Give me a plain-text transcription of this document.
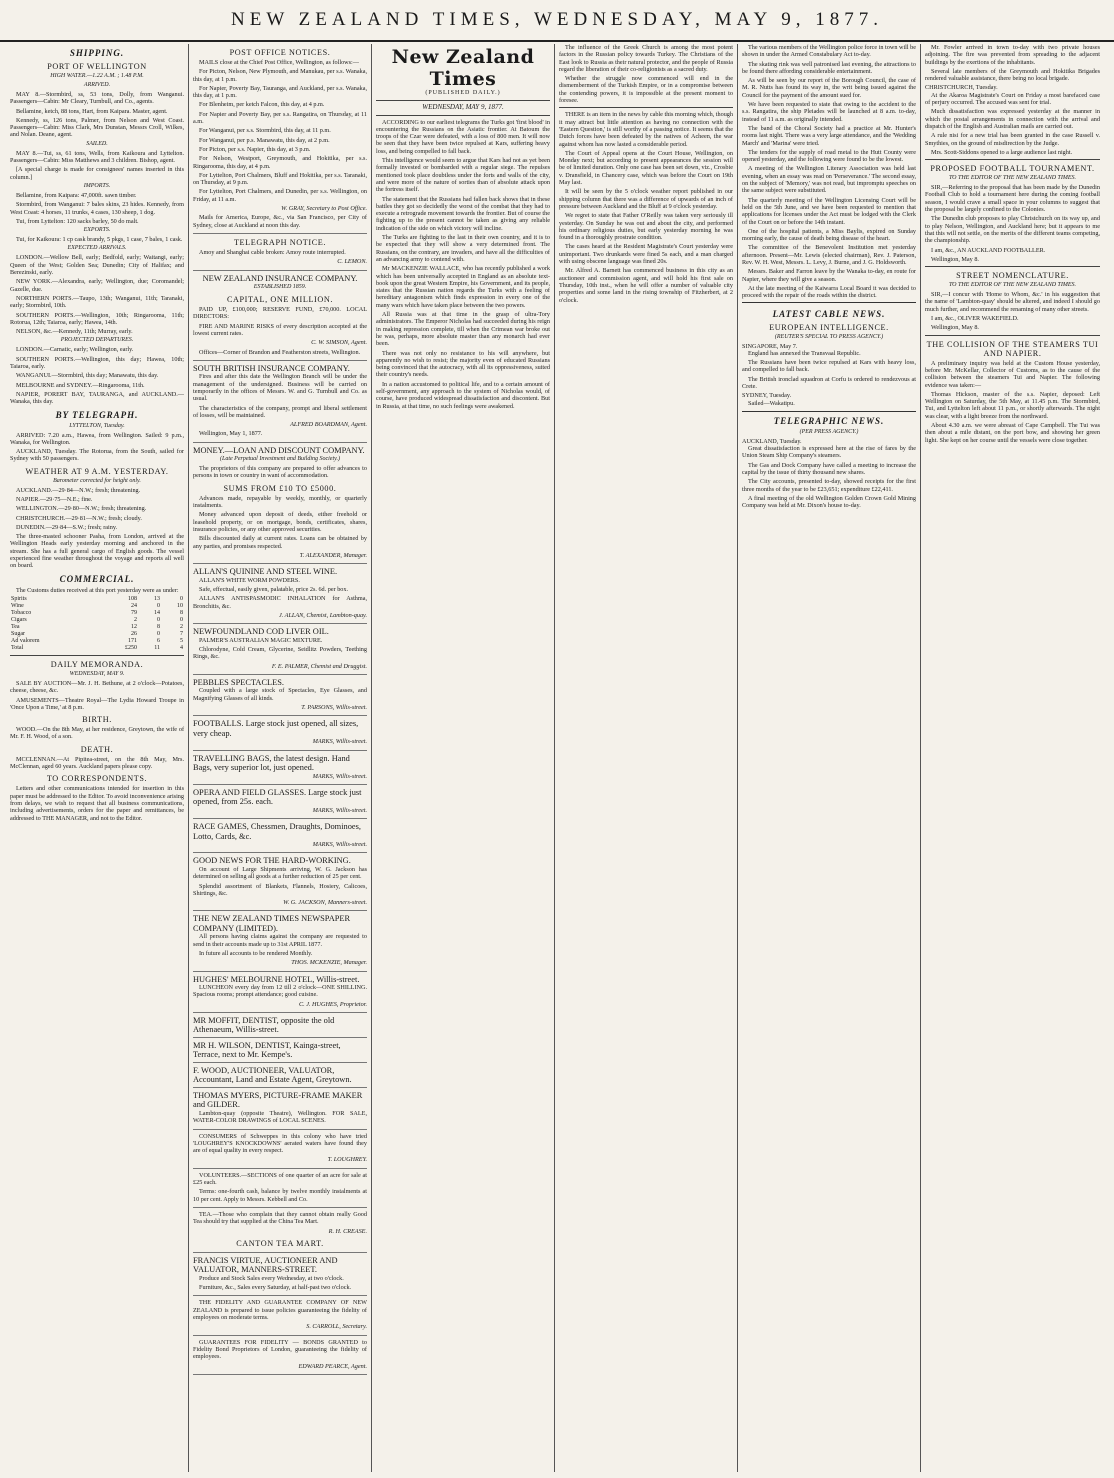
NEW ZEALAND TIMES, WEDNESDAY, MAY 9, 1877.
SHIPPING.
PORT OF WELLINGTON
HIGH WATER.—1.22 A.M. ; 1.48 P.M.
ARRIVED.

MAY 8.—Stormbird, ss, 53 tons, Dolly, from Wanganui. Passengers—Cabin: Mr Cleary, Turnbull, and Co., agents.

Bellamine, ketch, 88 tons, Hart, from Kaipara. Master, agent.

Kennedy, ss, 126 tons, Palmer, from Nelson and West Coast. Passengers—Cabin: Miss Clark, Mrs Dunstan, Messrs Croll, Wilkes, and Nolan. Deane, agent.

SAILED.

MAY 8.—Tui, ss, 61 tons, Wells, from Kaikoura and Lyttelton. Passengers—Cabin: Miss Matthews and 3 children. Bishop, agent.

[A special charge is made for consignees' names inserted in this column.]

IMPORTS.

Bellamine, from Kaipara: 47,000ft. sawn timber.

Stormbird, from Wanganui: 7 bales skins, 23 hides. Kennedy, from West Coast: 4 horses, 11 trunks, 4 cases, 130 sheep, 1 dog.

Tui, from Lyttelton: 120 sacks barley, 50 do malt.

EXPORTS.

Tui, for Kaikoura: 1 cp cask brandy, 5 pkgs, 1 case, 7 bales, 1 cask.

EXPECTED ARRIVALS.

LONDON.—Wellow Bell, early; Bedfold, early; Waitangi, early; Queen of the West; Golden Sea; Dunedin; City of Halifax; and Berezinski, early.

NEW YORK.—Alexandra, early; Wellington, due; Coromandel; Gazelle, due.

NORTHERN PORTS.—Taupo, 13th; Wanganui, 11th; Taranaki, early; Stormbird, 10th.

SOUTHERN PORTS.—Wellington, 10th; Ringarooma, 11th; Rotorua, 12th; Taiaroa, early; Hawea, 14th.

NELSON, &c.—Kennedy, 11th; Murray, early.

PROJECTED DEPARTURES.

LONDON.—Carnatic, early; Wellington, early.

SOUTHERN PORTS.—Wellington, this day; Hawea, 10th; Taiaroa, early.

WANGANUI.—Stormbird, this day; Manawatu, this day.

MELBOURNE and SYDNEY.—Ringarooma, 11th.

NAPIER, PORERT BAY, TAURANGA, and AUCKLAND.—Wanaka, this day.

BY TELEGRAPH.
LYTTELTON, Tuesday.

ARRIVED: 7.20 a.m., Hawea, from Wellington. Sailed: 9 p.m., Wanaka, for Wellington.

AUCKLAND, Tuesday. The Rotorua, from the South, sailed for Sydney with 50 passengers.

WEATHER AT 9 A.M. YESTERDAY.
Barometer corrected for height only.

AUCKLAND.—29·84—N.W.; fresh; threatening.

NAPIER.—29·75—N.E.; fine.

WELLINGTON.—29·80—N.W.; fresh; threatening.

CHRISTCHURCH.—29·81—N.W.; fresh; cloudy.

DUNEDIN.—29·84—S.W.; fresh; rainy.

The three-masted schooner Pasha, from London, arrived at the Wellington Heads early yesterday morning and anchored in the stream. She has a full general cargo of English goods. The vessel experienced fine weather throughout the voyage and reports all well on board.

COMMERCIAL.

The Customs duties received at this port yesterday were as under:

Spirits	108	13	0
Wine	24	0	10
Tobacco	79	14	8
Cigars	2	0	0
Tea	12	8	2
Sugar	26	0	7
Ad valorem	171	6	5
Total	£250	11	4
DAILY MEMORANDA.
WEDNESDAY, MAY 9.

SALE BY AUCTION—Mr. J. H. Bethune, at 2 o'clock—Potatoes, cheese, cheese, &c.

AMUSEMENTS—Theatre Royal—The Lydia Howard Troupe in 'Once Upon a Time,' at 8 p.m.

BIRTH.

WOOD.—On the 8th May, at her residence, Greytown, the wife of Mr. F. H. Wood, of a son.

DEATH.

MCCLENNAN.—At Pipitea-street, on the 8th May, Mrs. McClennan, aged 60 years. Auckland papers please copy.

TO CORRESPONDENTS.

Letters and other communications intended for insertion in this paper must be addressed to the Editor. To avoid inconvenience arising from delays, we wish to request that all business communications, including advertisements, orders for the paper and remittances, be addressed to THE MANAGER, and not to the Editor.

POST OFFICE NOTICES.

MAILS close at the Chief Post Office, Wellington, as follows:—

For Picton, Nelson, New Plymouth, and Manukau, per s.s. Wanaka, this day, at 1 p.m.

For Napier, Poverty Bay, Tauranga, and Auckland, per s.s. Wanaka, this day, at 1 p.m.

For Blenheim, per ketch Falcon, this day, at 4 p.m.

For Napier and Poverty Bay, per s.s. Rangatira, on Thursday, at 11 a.m.

For Wanganui, per s.s. Stormbird, this day, at 11 p.m.

For Wanganui, per p.s. Manawatu, this day, at 2 p.m.

For Picton, per s.s. Napier, this day, at 3 p.m.

For Nelson, Westport, Greymouth, and Hokitika, per s.s. Ringarooma, this day, at 4 p.m.

For Lyttelton, Port Chalmers, Bluff and Hokitika, per s.s. Taranaki, on Thursday, at 9 p.m.

For Lyttelton, Port Chalmers, and Dunedin, per s.s. Wellington, on Friday, at 11 a.m.

W. GRAY, Secretary to Post Office.

Mails for America, Europe, &c., via San Francisco, per City of Sydney, close at Auckland at noon this day.

TELEGRAPH NOTICE.

Amoy and Shanghai cable broken: Amoy route interrupted.

C. LEMON.

NEW ZEALAND INSURANCE COMPANY.
ESTABLISHED 1859.
CAPITAL, ONE MILLION.

PAID UP, £100,000; RESERVE FUND, £70,000. LOCAL DIRECTORS:

FIRE AND MARINE RISKS of every description accepted at the lowest current rates.

C. W. SIMSON, Agent.

Offices—Corner of Brandon and Featherston streets, Wellington.

SOUTH BRITISH INSURANCE COMPANY.

Fires and after this date the Wellington Branch will be under the management of the undersigned. Business will be carried on temporarily in the offices of Messrs. W. and G. Turnbull and Co. as usual.

The characteristics of the company, prompt and liberal settlement of losses, will be maintained.

ALFRED BOARDMAN, Agent.

Wellington, May 1, 1877.

MONEY.—LOAN AND DISCOUNT COMPANY.
(Late Perpetual Investment and Building Society.)

The proprietors of this company are prepared to offer advances to persons in town or country in want of accommodation.

SUMS FROM £10 TO £5000.

Advances made, repayable by weekly, monthly, or quarterly instalments.

Money advanced upon deposit of deeds, either freehold or leasehold property, or on mortgage, bonds, certificates, shares, insurance policies, or any other approved securities.

Bills discounted daily at current rates. Loans can be obtained by any parties, and promises respected.

T. ALEXANDER, Manager.

ALLAN'S QUININE AND STEEL WINE.

ALLAN'S WHITE WORM POWDERS.

Safe, effectual, easily given, palatable, price 2s. 6d. per box.

ALLAN'S ANTISPASMODIC INHALATION for Asthma, Bronchitis, &c.

J. ALLAN, Chemist, Lambton-quay.

NEWFOUNDLAND COD LIVER OIL.

PALMER'S AUSTRALIAN MAGIC MIXTURE.

Chlorodyne, Cold Cream, Glycerine, Seidlitz Powders, Teething Rings, &c.

F. E. PALMER, Chemist and Druggist.

PEBBLES SPECTACLES.

Coupled with a large stock of Spectacles, Eye Glasses, and Magnifying Glasses of all kinds.

T. PARSONS, Willis-street.

FOOTBALLS. Large stock just opened, all sizes, very cheap.

MARKS, Willis-street.

TRAVELLING BAGS, the latest design. Hand Bags, very superior lot, just opened.

MARKS, Willis-street.

OPERA AND FIELD GLASSES. Large stock just opened, from 25s. each.

MARKS, Willis-street.

RACE GAMES, Chessmen, Draughts, Dominoes, Lotto, Cards, &c.

MARKS, Willis-street.

GOOD NEWS FOR THE HARD-WORKING.

On account of Large Shipments arriving, W. G. Jackson has determined on selling all goods at a further reduction of 25 per cent.

Splendid assortment of Blankets, Flannels, Hosiery, Calicoes, Shirtings, &c.

W. G. JACKSON, Manners-street.

THE NEW ZEALAND TIMES NEWSPAPER COMPANY (LIMITED).

All persons having claims against the company are requested to send in their accounts made up to 31st APRIL 1877.

In future all accounts to be rendered Monthly.

THOS. MCKENZIE, Manager.

HUGHES' MELBOURNE HOTEL, Willis-street.

LUNCHEON every day from 12 till 2 o'clock—ONE SHILLING. Spacious rooms; prompt attendance; good cuisine.

C. J. HUGHES, Proprietor.

MR MOFFIT, DENTIST, opposite the old Athenaeum, Willis-street.
MR H. WILSON, DENTIST, Kainga-street, Terrace, next to Mr. Kempe's.
F. WOOD, AUCTIONEER, VALUATOR, Accountant, Land and Estate Agent, Greytown.
THOMAS MYERS, PICTURE-FRAME MAKER and GILDER.

Lambton-quay (opposite Theatre), Wellington. FOR SALE, WATER-COLOR DRAWINGS of LOCAL SCENES.

CONSUMERS of Schweppes in this colony who have tried 'LOUGHREY'S KNOCKDOWNS' aerated waters have found they are of equal quality in every respect.

T. LOUGHREY.

VOLUNTEERS.—SECTIONS of one quarter of an acre for sale at £25 each.

Terms: one-fourth cash, balance by twelve monthly instalments at 10 per cent. Apply to Messrs. Kebbell and Co.

TEA.—Those who complain that they cannot obtain really Good Tea should try that supplied at the China Tea Mart.

R. H. CREASE.

CANTON TEA MART.
FRANCIS VIRTUE, AUCTIONEER AND VALUATOR, MANNERS-STREET.

Produce and Stock Sales every Wednesday, at two o'clock.

Furniture, &c., Sales every Saturday, at half-past two o'clock.

THE FIDELITY AND GUARANTEE COMPANY OF NEW ZEALAND is prepared to issue policies guaranteeing the fidelity of employees on moderate terms.

S. CARROLL, Secretary.

GUARANTEES FOR FIDELITY — BONDS GRANTED to Fidelity Bond Proprietors of London, guaranteeing the fidelity of employees.

EDWARD PEARCE, Agent.

New Zealand Times
(PUBLISHED DAILY.)
WEDNESDAY, MAY 9, 1877.

ACCORDING to our earliest telegrams the Turks got 'first blood' in encountering the Russians on the Asiatic frontier. At Batoum the troops of the Czar were defeated, with a loss of 800 men. It will now be seen that they have been twice repulsed at Kars, suffering heavy loss, and being compelled to fall back.

This intelligence would seem to argue that Kars had not as yet been formally invested or bombarded with a regular siege. The repulses mentioned took place doubtless under the forts and walls of the city, and were more of the nature of sorties than of absolute attack upon the fortress itself.

The statement that the Russians had fallen back shows that in these battles they got so decidedly the worst of the combat that they had to execute a retrograde movement towards the frontier. But of course the fighting up to the present cannot be taken as giving any reliable indication of the side on which victory will incline.

The Turks are fighting to the last in their own country, and it is to be expected that they will show a very determined front. The Russians, on the contrary, are invaders, and have all the difficulties of an advancing army to contend with.

Mr MACKENZIE WALLACE, who has recently published a work which has been universally accepted in England as an absolute text-book upon the great Western Empire, his Government, and its people, states that the Russian nation regards the Turks with a feeling of hereditary antagonism which finds expression in every one of the many wars which have taken place between the two powers.

All Russia was at that time in the grasp of ultra-Tory administrators. The Emperor Nicholas had succeeded during his reign in making repression complete, till when the Crimean war broke out he was, perhaps, more absolute master than any monarch had ever been.

There was not only no resistance to his will anywhere, but apparently no wish to resist; the majority even of educated Russians being convinced that the autocracy, with all its oppressiveness, suited their country's needs.

In a nation accustomed to political life, and to a certain amount of self-government, any approach to the system of Nicholas would, of course, have produced widespread dissatisfaction and discontent. But in Russia, at that time, no such feelings were awakened.

The influence of the Greek Church is among the most potent factors in the Russian policy towards Turkey. The Christians of the East look to Russia as their natural protector, and the people of Russia regard the liberation of their co-religionists as a sacred duty.

Whether the struggle now commenced will end in the dismemberment of the Turkish Empire, or in a compromise between the contending powers, it is impossible at the present moment to foresee.

THERE is an item in the news by cable this morning which, though it may attract but little attention as having no connection with the 'Eastern Question,' is still worthy of a passing notice. It seems that the Dutch forces have been defeated by the natives of Acheen, the war against whom has now lasted a considerable period.

The Court of Appeal opens at the Court House, Wellington, on Monday next; but according to present appearances the session will be of limited duration. Only one case has been set down, viz., Crosbie v. Dransfield, in Chancery case, which was before the Court on 19th May last.

It will be seen by the 5 o'clock weather report published in our shipping column that there was a difference of upwards of an inch of pressure between Auckland and the Bluff at 9 o'clock yesterday.

We regret to state that Father O'Reilly was taken very seriously ill yesterday. On Sunday he was out and about the city, and performed his ordinary religious duties, but early yesterday morning he was found in a thoroughly prostrate condition.

The cases heard at the Resident Magistrate's Court yesterday were unimportant. Two drunkards were fined 5s each, and a man charged with using obscene language was fined 20s.

Mr. Alfred A. Barnett has commenced business in this city as an auctioneer and commission agent, and will hold his first sale on Thursday, 10th inst., when he will offer a number of valuable city properties and some land in the rising township of Fitzherbert, at 2 o'clock.

The various members of the Wellington police force in town will be shown in under the Armed Constabulary Act to-day.

The skating rink was well patronised last evening, the attractions to be found there affording considerable entertainment.

As will be seen by our report of the Borough Council, the case of M. R. Nutts has found its way in, the writ being issued against the Council for the payment of the amount sued for.

We have been requested to state that owing to the accident to the s.s. Rangatira, the ship Pleiades will be launched at 8 a.m. to-day, instead of 11 a.m. as originally intended.

The band of the Choral Society had a practice at Mr. Hunter's rooms last night. There was a very large attendance, and the 'Wedding March' and 'Marina' were tried.

The tenders for the supply of road metal to the Hutt County were opened yesterday, and the following were found to be the lowest.

A meeting of the Wellington Literary Association was held last evening, when an essay was read on 'Perseverance.' The second essay, on the subject of 'Memory,' was not read, but impromptu speeches on the same subject were substituted.

The quarterly meeting of the Wellington Licensing Court will be held on the 5th June, and we have been requested to mention that applications for licenses under the Act must be lodged with the Clerk of the Court on or before the 14th instant.

One of the hospital patients, a Miss Baylis, expired on Sunday morning early, the cause of death being disease of the heart.

The committee of the Benevolent Institution met yesterday afternoon. Present—Mr. Lewis (elected chairman), Rev. J. Paterson, Rev. W. H. West, Messrs. L. Levy, J. Burne, and J. G. Holdsworth.

Messrs. Baker and Farron leave by the Wanaka to-day, en route for Napier, where they will give a season.

At the late meeting of the Kaiwarra Local Board it was decided to proceed with the repair of the roads within the district.

LATEST CABLE NEWS.
EUROPEAN INTELLIGENCE.
(REUTER'S SPECIAL TO PRESS AGENCY.)
SINGAPORE, May 7.

England has annexed the Transvaal Republic.

The Russians have been twice repulsed at Kars with heavy loss, and compelled to fall back.

The British ironclad squadron at Corfu is ordered to rendezvous at Crete.

SYDNEY, Tuesday.

Sailed—Wakatipu.

TELEGRAPHIC NEWS.
(PER PRESS AGENCY.)
AUCKLAND, Tuesday.

Great dissatisfaction is expressed here at the rise of fares by the Union Steam Ship Company's steamers.

The Gas and Dock Company have called a meeting to increase the capital by the issue of thirty thousand new shares.

The City accounts, presented to-day, showed receipts for the first three months of the year to be £23,651; expenditure £22,411.

A final meeting of the old Wellington Golden Crown Gold Mining Company was held at Mr. Dixon's house to-day.

Mr. Fowler arrived in town to-day with two private houses adjoining. The fire was prevented from spreading to the adjacent buildings by the exertions of the inhabitants.

Several late members of the Greymouth and Hokitika Brigades rendered valuable assistance, there being no local brigade.

CHRISTCHURCH, Tuesday.

At the Akaroa Magistrate's Court on Friday a most barefaced case of perjury occurred. The accused was sent for trial.

Much dissatisfaction was expressed yesterday at the manner in which the postal arrangements in connection with the arrival and dispatch of the English and Australian mails are carried out.

A rule nisi for a new trial has been granted in the case Russell v. Smythies, on the ground of misdirection by the Judge.

Mrs. Scott-Siddons opened to a large audience last night.

PROPOSED FOOTBALL TOURNAMENT.
TO THE EDITOR OF THE NEW ZEALAND TIMES.

SIR,—Referring to the proposal that has been made by the Dunedin Football Club to hold a tournament here during the coming football season, I would crave a small space in your columns to suggest that the proposal be largely confined to the Colonies.

The Dunedin club proposes to play Christchurch on its way up, and to play Nelson, Wellington, and Auckland here; but it appears to me that this will not settle, on the merits of the different teams competing, the championship.

I am, &c., AN AUCKLAND FOOTBALLER.

Wellington, May 8.

STREET NOMENCLATURE.
TO THE EDITOR OF THE NEW ZEALAND TIMES.

SIR,—I concur with 'Home to Whom, &c.' in his suggestion that the name of 'Lambton-quay' should be altered, and indeed I should go much further, and recommend the renaming of many other streets.

I am, &c., OLIVER WAKEFIELD.

Wellington, May 8.

THE COLLISION OF THE STEAMERS TUI AND NAPIER.

A preliminary inquiry was held at the Custom House yesterday, before Mr. McKellar, Collector of Customs, as to the cause of the collision between the steamers Tui and Napier. The following evidence was taken:—

Thomas Hickson, master of the s.s. Napier, deposed: Left Wellington on Saturday, the 5th May, at 11.45 p.m. The Stormbird, Tui, and Lyttelton left about 11 p.m., or shortly afterwards. The night was clear, with a light breeze from the northward.

About 4.30 a.m. we were abreast of Cape Campbell. The Tui was then about a mile distant, on the port bow, and showing her green light. She kept on her course until the vessels were close together.
